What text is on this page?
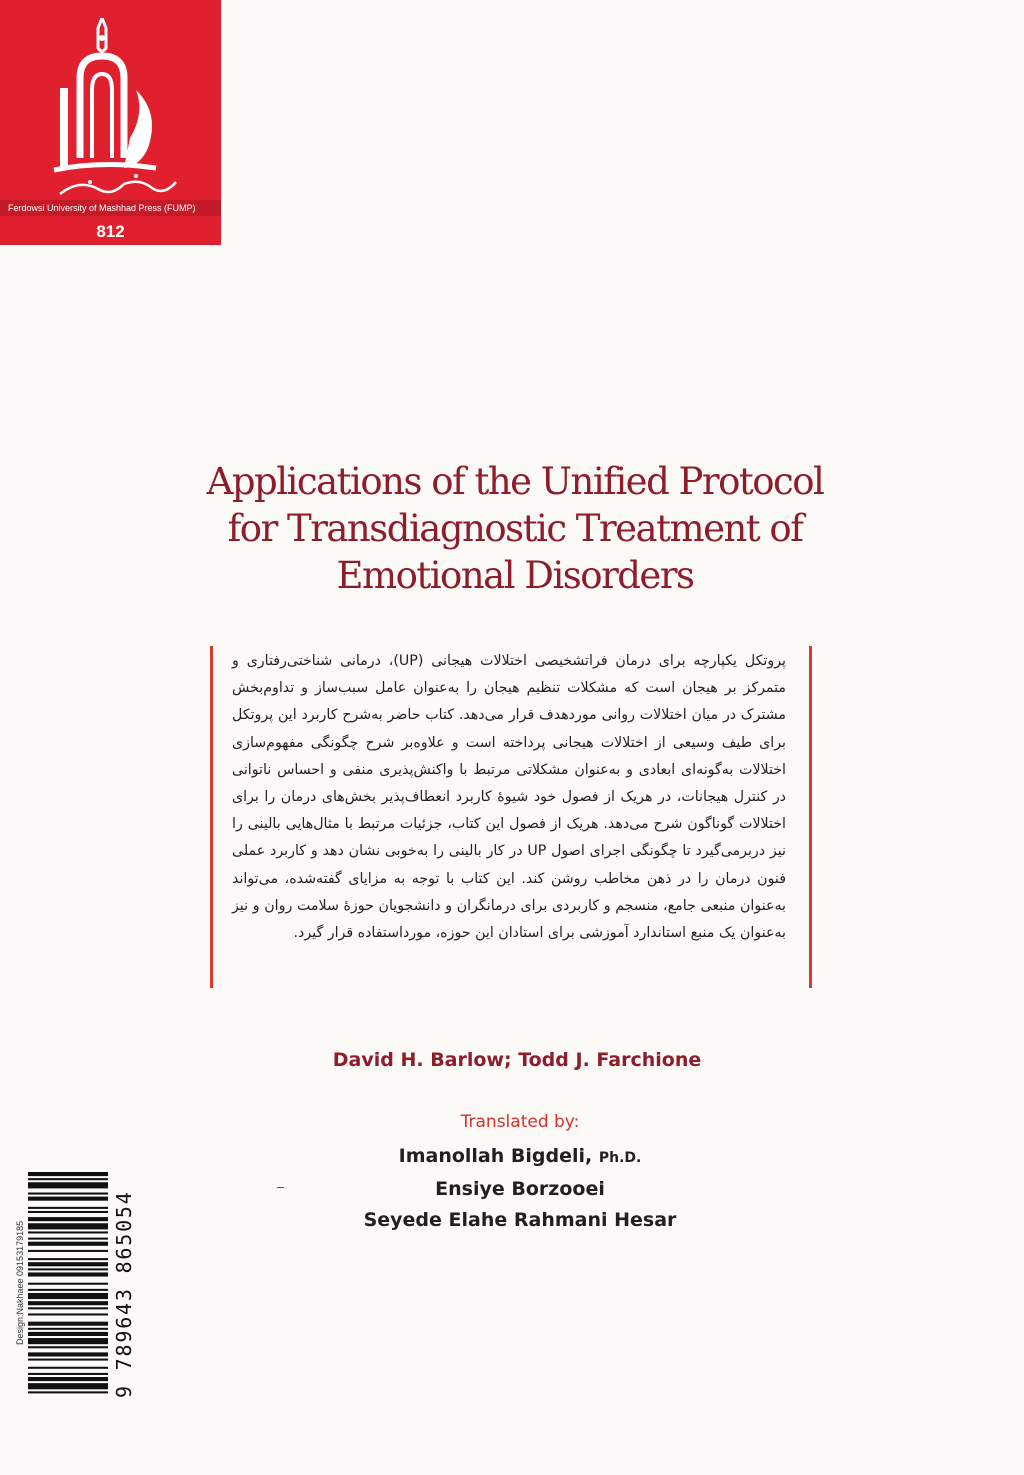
Ferdowsi University of Mashhad Press (FUMP)
812
Applications of the Unified Protocol
for Transdiagnostic Treatment of
Emotional Disorders

پروتکل یکپارچه برای درمان فراتشخیصی اختلالات هیجانی (UP)، درمانی شناختی‌رفتاری و متمرکز بر هیجان است که مشکلات تنظیم هیجان را به‌عنوان عامل سبب‌ساز و تداوم‌بخش مشترک در میان اختلالات روانی موردهدف قرار می‌دهد. کتاب حاضر به‌شرح کاربرد این پروتکل برای طیف وسیعی از اختلالات هیجانی پرداخته است و علاوه‌بر شرح چگونگی مفهوم‌سازی اختلالات به‌گونه‌ای ابعادی و به‌عنوان مشکلاتی مرتبط با واکنش‌پذیری منفی و احساس ناتوانی در کنترل هیجانات، در هریک از فصول خود شیوهٔ کاربرد انعطاف‌پذیر بخش‌های درمان را برای اختلالات گوناگون شرح می‌دهد. هریک از فصول این کتاب، جزئیات مرتبط با مثال‌هایی بالینی را نیز دربرمی‌گیرد تا چگونگی اجرای اصول UP در کار بالینی را به‌خوبی نشان دهد و کاربرد عملی فنون درمان را در ذهن مخاطب روشن کند. این کتاب با توجه به مزایای گفته‌شده، می‌تواند به‌عنوان منبعی جامع، منسجم و کاربردی برای درمانگران و دانشجویان حوزهٔ سلامت روان و نیز به‌عنوان یک منبع استاندارد آموزشی برای استادان این حوزه، مورداستفاده قرار گیرد.

David H. Barlow; Todd J. Farchione
Translated by:
Imanollah Bigdeli, Ph.D.
Ensiye Borzooei
Seyede Elahe Rahmani Hesar
9 789643 865054
Design:Nakhaee 09153179185
